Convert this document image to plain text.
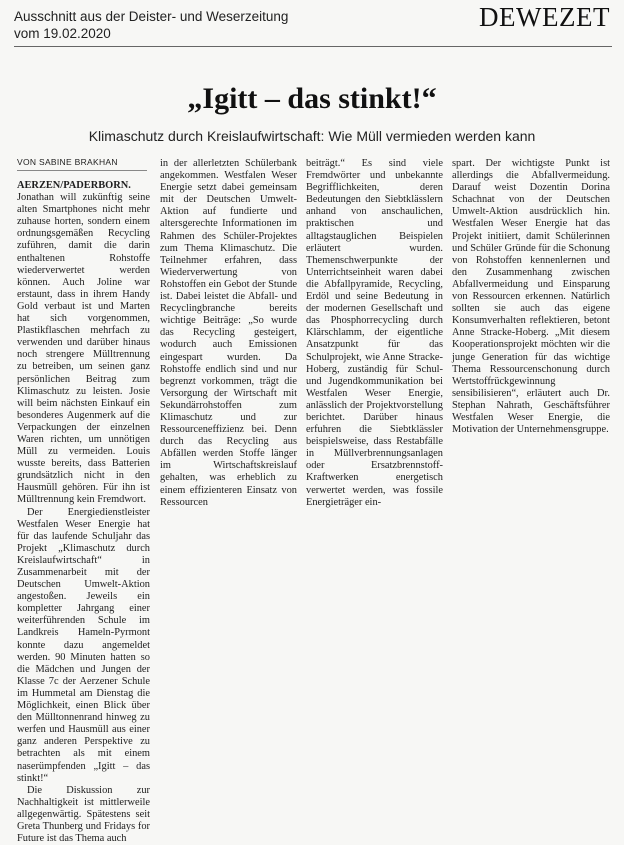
Ausschnitt aus der Deister- und Weserzeitung
vom 19.02.2020
DEWEZET
„Igitt – das stinkt!“
Klimaschutz durch Kreislaufwirtschaft: Wie Müll vermieden werden kann
VON SABINE BRAKHAN

AERZEN/PADERBORN. Jonathan will zukünftig seine alten Smartphones nicht mehr zuhause horten, sondern einem ordnungsgemäßen Recycling zuführen, damit die darin enthaltenen Rohstoffe wiederverwertet werden können. Auch Joline war erstaunt, dass in ihrem Handy Gold verbaut ist und Marten hat sich vorgenommen, Plastikflaschen mehrfach zu verwenden und darüber hinaus noch strengere Mülltrennung zu betreiben, um seinen ganz persönlichen Beitrag zum Klimaschutz zu leisten. Josie will beim nächsten Einkauf ein besonderes Augenmerk auf die Verpackungen der einzelnen Waren richten, um unnötigen Müll zu vermeiden. Louis wusste bereits, dass Batterien grundsätzlich nicht in den Hausmüll gehören. Für ihn ist Mülltrennung kein Fremdwort.

Der Energiedienstleister Westfalen Weser Energie hat für das laufende Schuljahr das Projekt „Klimaschutz durch Kreislaufwirtschaft“ in Zusammenarbeit mit der Deutschen Umwelt-Aktion angestoßen. Jeweils ein kompletter Jahrgang einer weiterführenden Schule im Landkreis Hameln-Pyrmont konnte dazu angemeldet werden. 90 Minuten hatten so die Mädchen und Jungen der Klasse 7c der Aerzener Schule im Hummetal am Dienstag die Möglichkeit, einen Blick über den Mülltonnenrand hinweg zu werfen und Hausmüll aus einer ganz anderen Perspektive zu betrachten als mit einem naserümpfenden „Igitt – das stinkt!“

Die Diskussion zur Nachhaltigkeit ist mittlerweile allgegenwärtig. Spätestens seit Greta Thunberg und Fridays for Future ist das Thema auch

in der allerletzten Schülerbank angekommen. Westfalen Weser Energie setzt dabei gemeinsam mit der Deutschen Umwelt-Aktion auf fundierte und altersgerechte Informationen im Rahmen des Schüler-Projektes zum Thema Klimaschutz. Die Teilnehmer erfahren, dass Wiederverwertung von Rohstoffen ein Gebot der Stunde ist. Dabei leistet die Abfall- und Recyclingbranche bereits wichtige Beiträge: „So wurde das Recycling gesteigert, wodurch auch Emissionen eingespart wurden. Da Rohstoffe endlich sind und nur begrenzt vorkommen, trägt die Versorgung der Wirtschaft mit Sekundärrohstoffen zum Klimaschutz und zur Ressourceneffizienz bei. Denn durch das Recycling aus Abfällen werden Stoffe länger im Wirtschaftskreislauf gehalten, was erheblich zu einem effizienteren Einsatz von Ressourcen

beiträgt.“ Es sind viele Fremdwörter und unbekannte Begrifflichkeiten, deren Bedeutungen den Siebtklässlern anhand von anschaulichen, praktischen und alltagstauglichen Beispielen erläutert wurden. Themenschwerpunkte der Unterrichtseinheit waren dabei die Abfallpyramide, Recycling, Erdöl und seine Bedeutung in der modernen Gesellschaft und das Phosphorrecycling durch Klärschlamm, der eigentliche Ansatzpunkt für das Schulprojekt, wie Anne Stracke-Hoberg, zuständig für Schul- und Jugendkommunikation bei Westfalen Weser Energie, anlässlich der Projektvorstellung berichtet. Darüber hinaus erfuhren die Siebtklässler beispielsweise, dass Restabfälle in Müllverbrennungsanlagen oder Ersatzbrennstoff-Kraftwerken energetisch verwertet werden, was fossile Energieträger ein-

spart. Der wichtigste Punkt ist allerdings die Abfallvermeidung. Darauf weist Dozentin Dorina Schachnat von der Deutschen Umwelt-Aktion ausdrücklich hin. Westfalen Weser Energie hat das Projekt initiiert, damit Schülerinnen und Schüler Gründe für die Schonung von Rohstoffen kennenlernen und den Zusammenhang zwischen Abfallvermeidung und Einsparung von Ressourcen erkennen. Natürlich sollten sie auch das eigene Konsumverhalten reflektieren, betont Anne Stracke-Hoberg. „Mit diesem Kooperationsprojekt möchten wir die junge Generation für das wichtige Thema Ressourcenschonung durch Wertstoffrückgewinnung sensibilisieren“, erläutert auch Dr. Stephan Nahrath, Geschäftsführer Westfalen Weser Energie, die Motivation der Unternehmensgruppe.
